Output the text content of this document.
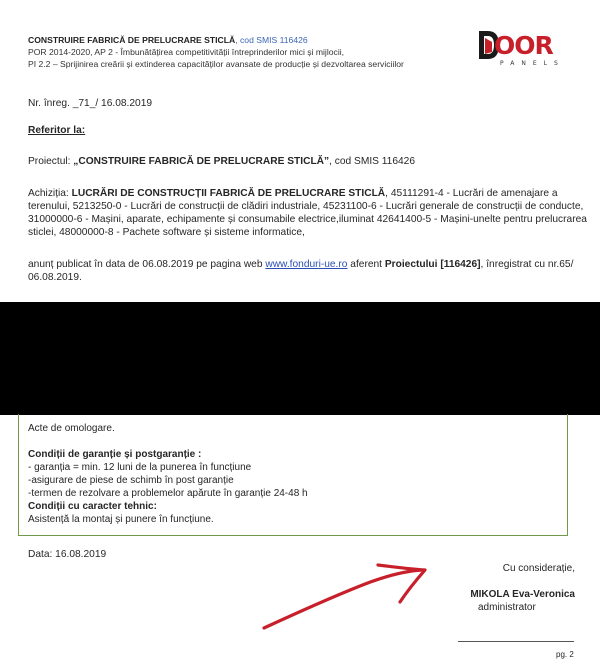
CONSTRUIRE FABRICĂ DE PRELUCRARE STICLĂ, cod SMIS 116426
POR 2014-2020, AP 2 - Îmbunătățirea competitivității întreprinderilor mici și mijlocii,
PI 2.2 – Sprijinirea creării și extinderea capacităților avansate de producție și dezvoltarea serviciilor
OOR
PANELS
Nr. înreg. _71_/ 16.08.2019
Referitor la:
Proiectul: „CONSTRUIRE FABRICĂ DE PRELUCRARE STICLĂ”, cod SMIS 116426
Achiziția: LUCRĂRI DE CONSTRUCȚII FABRICĂ DE PRELUCRARE STICLĂ, 45111291-4 - Lucrări de amenajare a
terenului, 5213250-0 - Lucrări de construcții de clădiri industriale, 45231100-6 - Lucrări generale de construcții de conducte,
31000000-6 - Mașini, aparate, echipamente și consumabile electrice,iluminat 42641400-5 - Mașini-unelte pentru prelucrarea
sticlei, 48000000-8 - Pachete software și sisteme informatice,
anunț publicat în data de 06.08.2019 pe pagina web www.fonduri-ue.ro aferent Proiectului [116426], înregistrat cu nr.65/
06.08.2019.
Acte de omologare.
Condiții de garanție și postgaranție :
- garanția = min. 12 luni de la punerea în funcțiune
-asigurare de piese de schimb în post garanție
-termen de rezolvare a problemelor apărute în garanție 24-48 h
Condiții cu caracter tehnic:
Asistență la montaj și punere în funcțiune.
Data: 16.08.2019
Cu considerație,
MIKOLA Eva-Veronica
administrator
pg. 2
